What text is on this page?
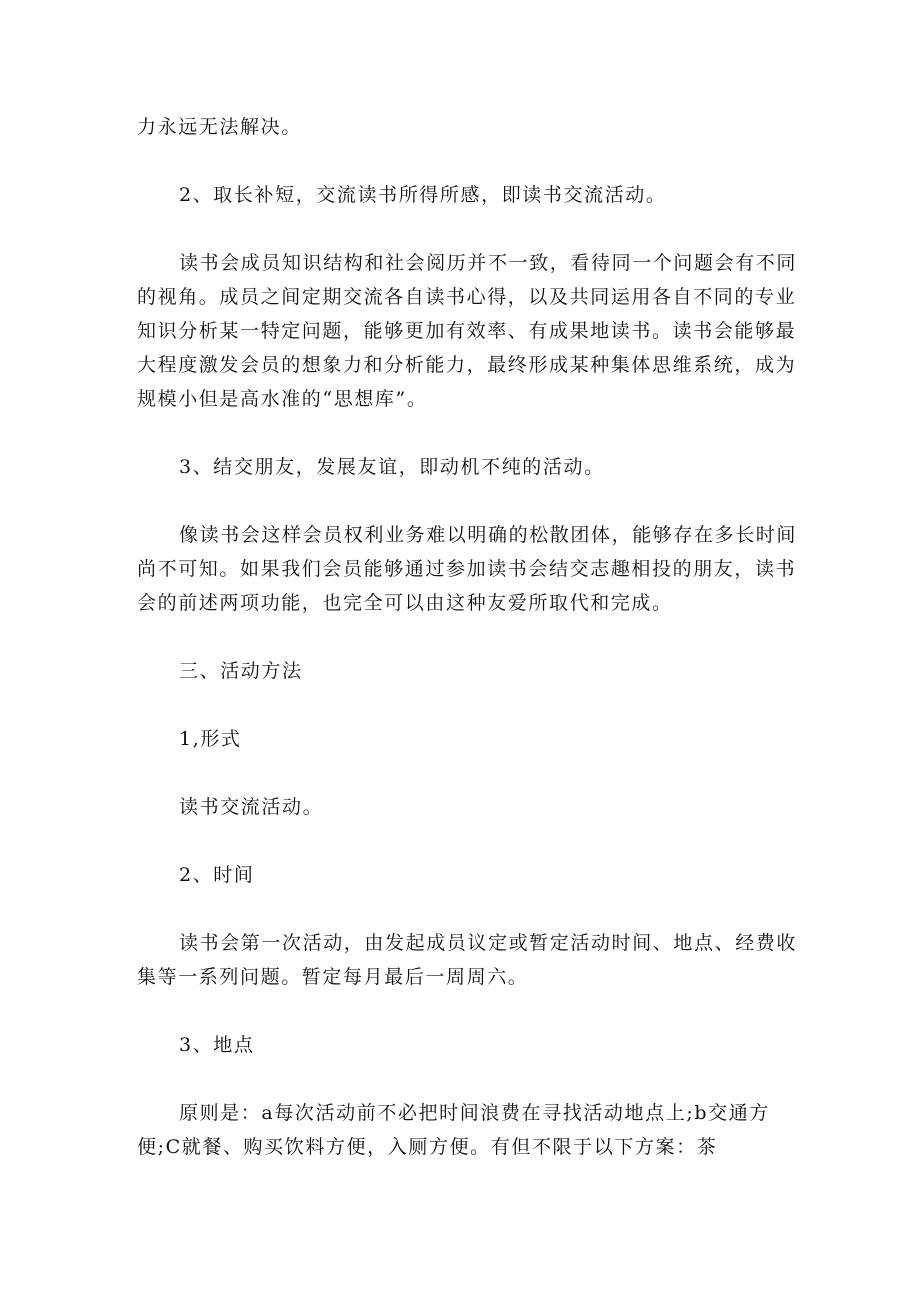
力永远无法解决。

2、取长补短，交流读书所得所感，即读书交流活动。

读书会成员知识结构和社会阅历并不一致，看待同一个问题会有不同的视角。成员之间定期交流各自读书心得，以及共同运用各自不同的专业知识分析某一特定问题，能够更加有效率、有成果地读书。读书会能够最大程度激发会员的想象力和分析能力，最终形成某种集体思维系统，成为规模小但是高水准的“思想库”。

3、结交朋友，发展友谊，即动机不纯的活动。

像读书会这样会员权利业务难以明确的松散团体，能够存在多长时间尚不可知。如果我们会员能够通过参加读书会结交志趣相投的朋友，读书会的前述两项功能，也完全可以由这种友爱所取代和完成。

三、活动方法

1,形式

读书交流活动。

2、时间

读书会第一次活动，由发起成员议定或暂定活动时间、地点、经费收集等一系列问题。暂定每月最后一周周六。

3、地点

原则是：a每次活动前不必把时间浪费在寻找活动地点上;b交通方便;C就餐、购买饮料方便，入厕方便。有但不限于以下方案：茶
